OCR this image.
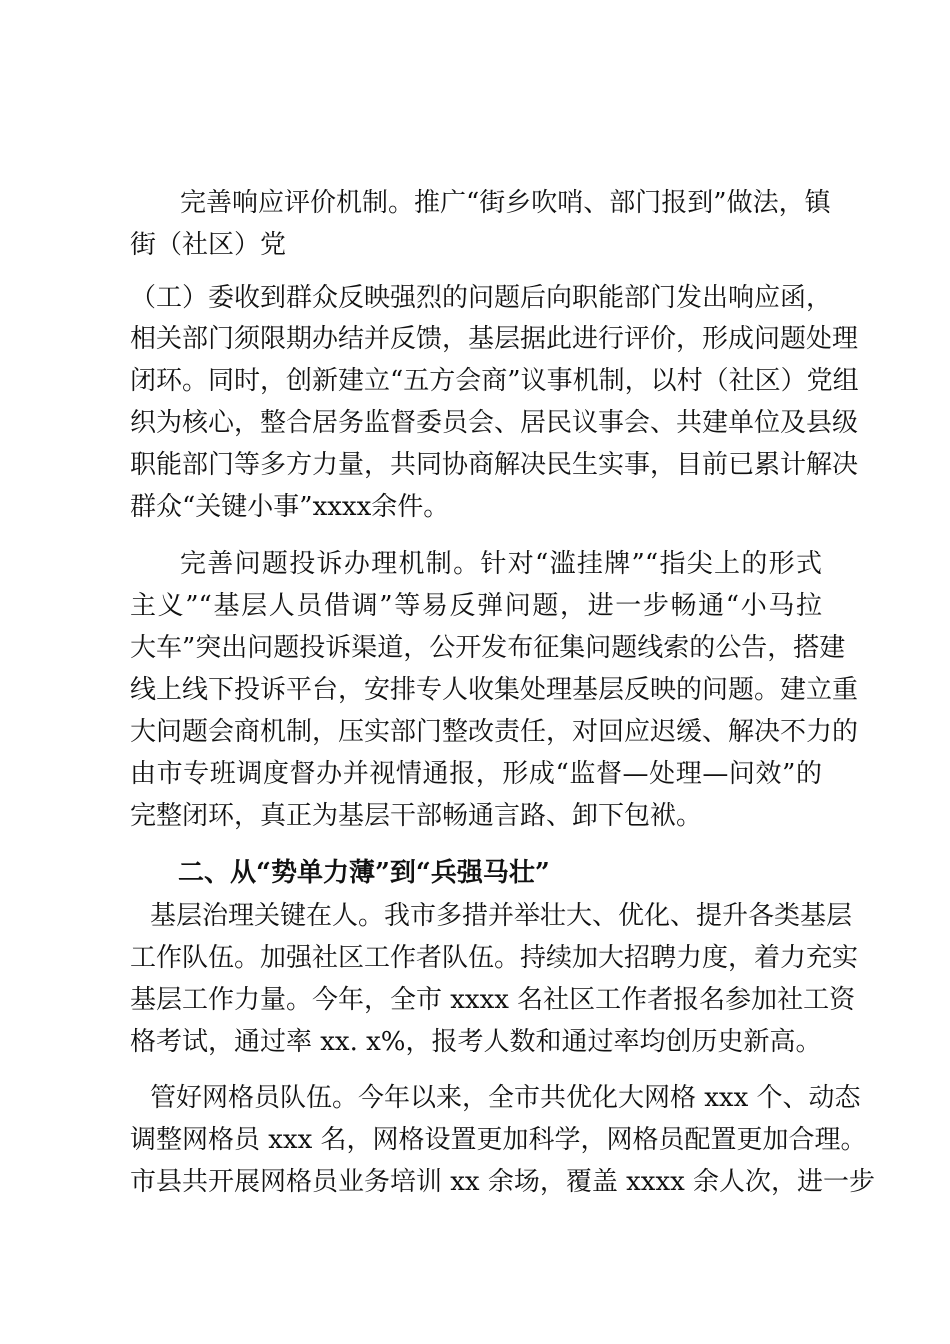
完善响应评价机制。推广“街乡吹哨、部门报到”做法，镇
街（社区）党
（工）委收到群众反映强烈的问题后向职能部门发出响应函，
相关部门须限期办结并反馈，基层据此进行评价，形成问题处理
闭环。同时，创新建立“五方会商”议事机制，以村（社区）党组
织为核心，整合居务监督委员会、居民议事会、共建单位及县级
职能部门等多方力量，共同协商解决民生实事，目前已累计解决
群众“关键小事”xxxx余件。
完善问题投诉办理机制。针对“滥挂牌”“指尖上的形式
主义”“基层人员借调”等易反弹问题，进一步畅通“小马拉
大车”突出问题投诉渠道，公开发布征集问题线索的公告，搭建
线上线下投诉平台，安排专人收集处理基层反映的问题。建立重
大问题会商机制，压实部门整改责任，对回应迟缓、解决不力的
由市专班调度督办并视情通报，形成“监督—处理—问效”的
完整闭环，真正为基层干部畅通言路、卸下包袱。
二、从“势单力薄”到“兵强马壮”
基层治理关键在人。我市多措并举壮大、优化、提升各类基层
工作队伍。加强社区工作者队伍。持续加大招聘力度，着力充实
基层工作力量。今年，全市 xxxx 名社区工作者报名参加社工资
格考试，通过率 xx. x%，报考人数和通过率均创历史新高。
管好网格员队伍。今年以来，全市共优化大网格 xxx 个、动态
调整网格员 xxx 名，网格设置更加科学，网格员配置更加合理。
市县共开展网格员业务培训 xx 余场，覆盖 xxxx 余人次，进一步
